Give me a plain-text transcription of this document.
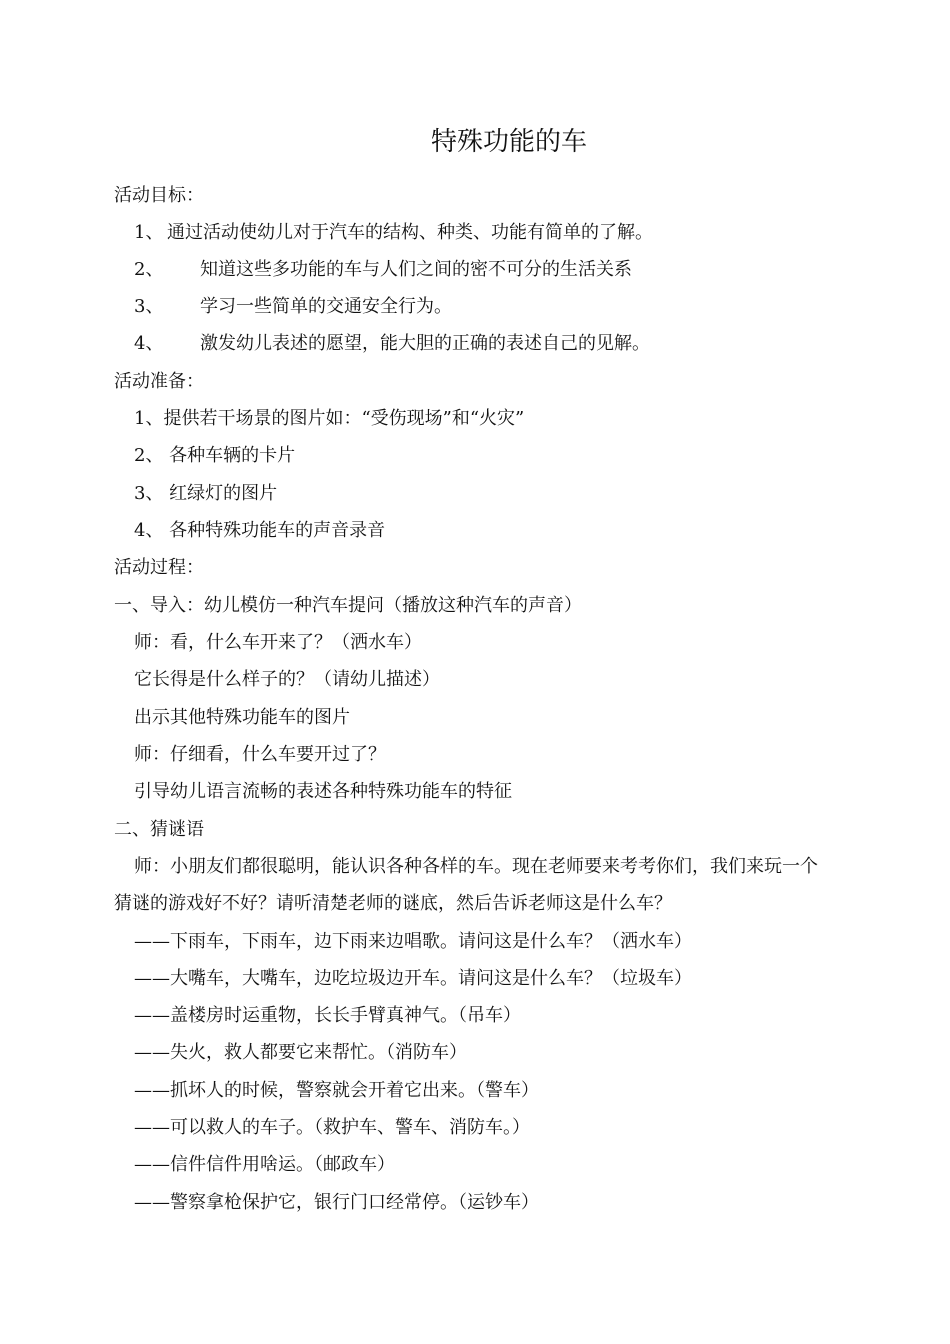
特殊功能的车
活动目标：
1、 通过活动使幼儿对于汽车的结构、种类、功能有简单的了解。
2、 知道这些多功能的车与人们之间的密不可分的生活关系
3、 学习一些简单的交通安全行为。
4、 激发幼儿表述的愿望，能大胆的正确的表述自己的见解。
活动准备：
1、提供若干场景的图片如：“受伤现场”和“火灾”
2、 各种车辆的卡片
3、 红绿灯的图片
4、 各种特殊功能车的声音录音
活动过程：
一、导入：幼儿模仿一种汽车提问（播放这种汽车的声音）
师：看，什么车开来了？（洒水车）
它长得是什么样子的？（请幼儿描述）
出示其他特殊功能车的图片
师：仔细看，什么车要开过了？
引导幼儿语言流畅的表述各种特殊功能车的特征
二、猜谜语
师：小朋友们都很聪明，能认识各种各样的车。现在老师要来考考你们，我们来玩一个
猜谜的游戏好不好？请听清楚老师的谜底，然后告诉老师这是什么车？
——下雨车，下雨车，边下雨来边唱歌。请问这是什么车？（洒水车）
——大嘴车，大嘴车，边吃垃圾边开车。请问这是什么车？（垃圾车）
——盖楼房时运重物，长长手臂真神气。（吊车）
——失火，救人都要它来帮忙。（消防车）
——抓坏人的时候，警察就会开着它出来。（警车）
——可以救人的车子。（救护车、警车、消防车。）
——信件信件用啥运。（邮政车）
——警察拿枪保护它，银行门口经常停。（运钞车）
